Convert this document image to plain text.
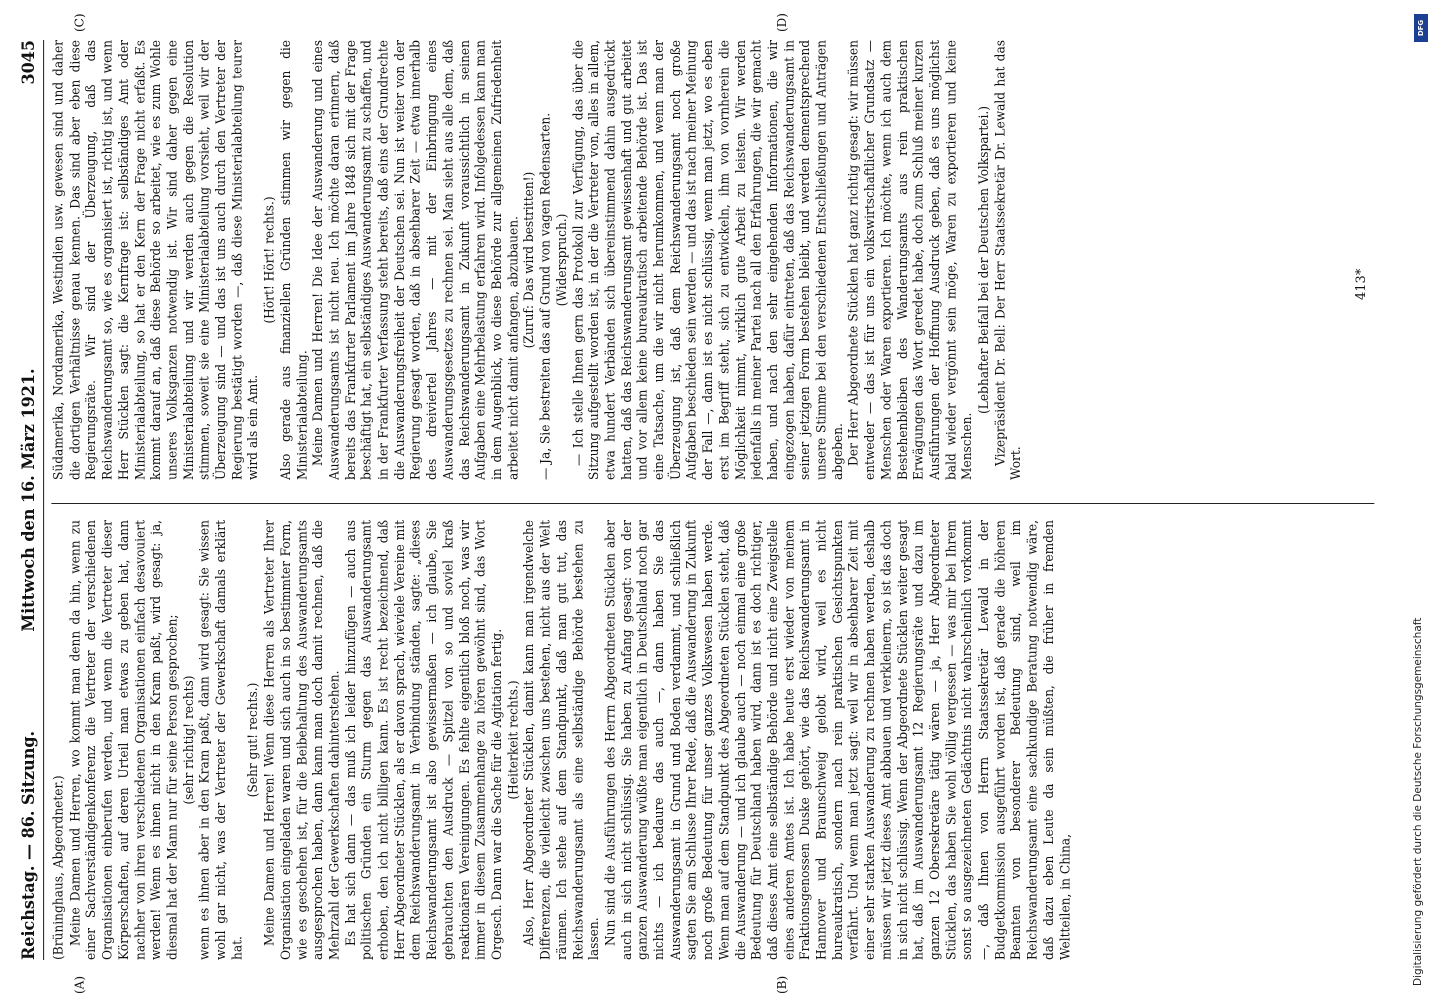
Reichstag. — 86. Sitzung.
Mittwoch den 16. März 1921.
3045
(A)	(B)
(C)	(D)

(Brüninghaus, Abgeordneter.) Meine Damen und Herren, wo kommt man denn da hin, wenn zu einer Sachverständigenkonferenz die Vertreter der verschiedenen Organisationen einberufen werden, und wenn die Vertreter dieser Körperschaften, auf deren Urteil man etwas zu geben hat, dann nachher von ihren verschiedenen Organisationen einfach desavouiert werden! Wenn es ihnen nicht in den Kram paßt, wird gesagt: ja, diesmal hat der Mann nur für seine Person gesprochen; (sehr richtig! rechts) wenn es ihnen aber in den Kram paßt, dann wird gesagt: Sie wissen wohl gar nicht, was der Vertreter der Gewerkschaft damals erklärt hat.

(Sehr gut! rechts.) Meine Damen und Herren! Wenn diese Herren als Vertreter Ihrer Organisation eingeladen waren und sich auch in so bestimmter Form, wie es geschehen ist, für die Beibehaltung des Auswanderungsamts ausgesprochen haben, dann kann man doch damit rechnen, daß die Mehrzahl der Gewerkschaften dahinterstehen. Es hat sich dann — das muß ich leider hinzufügen — auch aus politischen Gründen ein Sturm gegen das Auswanderungsamt erhoben, den ich nicht billigen kann. Es ist recht bezeichnend, daß Herr Abgeordneter Stücklen, als er davon sprach, wieviele Vereine mit dem Reichswanderungsamt in Verbindung ständen, sagte: „dieses Reichswanderungsamt ist also gewissermaßen — ich glaube, Sie gebrauchten den Ausdruck — Spitzel von so und soviel kraß reaktionären Vereinigungen. Es fehlte eigentlich bloß noch, was wir immer in diesem Zusammenhange zu hören gewöhnt sind, das Wort Orgesch. Dann war die Sache für die Agitation fertig. (Heiterkeit rechts.) Also, Herr Abgeordneter Stücklen, damit kann man irgendwelche Differenzen, die vielleicht zwischen uns bestehen, nicht aus der Welt räumen. Ich stehe auf dem Standpunkt, daß man gut tut, das Reichswanderungsamt als eine selbständige Behörde bestehen zu lassen. Nun sind die Ausführungen des Herrn Abgeordneten Stücklen aber auch in sich nicht schlüssig. Sie haben zu Anfang gesagt: von der ganzen Auswanderung wüßte man eigentlich in Deutschland noch gar nichts — ich bedaure das auch —, dann haben Sie das Auswanderungsamt in Grund und Boden verdammt, und schließlich sagten Sie am Schlusse Ihrer Rede, daß die Auswanderung in Zukunft noch große Bedeutung für unser ganzes Volkswesen haben werde. Wenn man auf dem Standpunkt des Abgeordneten Stücklen steht, daß die Auswanderung — und ich glaube auch — noch einmal eine große Bedeutung für Deutschland haben wird, dann ist es doch richtiger, daß dieses Amt eine selbständige Behörde und nicht eine Zweigstelle eines anderen Amtes ist. Ich habe heute erst wieder von meinem Fraktionsgenossen Duske gehört, wie das Reichswanderungsamt in Hannover und Braunschweig gelobt wird, weil es nicht bureaukratisch, sondern nach rein praktischen Gesichtspunkten verfährt. Und wenn man jetzt sagt: weil wir in absehbarer Zeit mit einer sehr starken Auswanderung zu rechnen haben werden, deshalb müssen wir jetzt dieses Amt abbauen und verkleinern, so ist das doch in sich nicht schlüssig. Wenn der Abgeordnete Stücklen weiter gesagt hat, daß im Auswanderungsamt 12 Regierungsräte und dazu im ganzen 12 Obersekretäre tätig wären — ja, Herr Abgeordneter Stücklen, das haben Sie wohl völlig vergessen — was mir bei Ihrem sonst so ausgezeichneten Gedächtnis nicht wahrscheinlich vorkommt —, daß Ihnen von Herrn Staatssekretär Lewald in der Budgetkommission ausgeführt worden ist, daß gerade die höheren Beamten von besonderer Bedeutung sind, weil im Reichswanderungsamt eine sachkundige Beratung notwendig wäre, daß dazu eben Leute da sein müßten, die früher in fremden Weltteilen, in China,

Südamerika, Nordamerika, Westindien usw. gewesen sind und daher die dortigen Verhältnisse genau kennen. Das sind aber eben diese Regierungsräte. Wir sind der Überzeugung, daß das Reichswanderungsamt so, wie es organisiert ist, richtig ist, und wenn Herr Stücklen sagt: die Kernfrage ist: selbständiges Amt oder Ministerialabteilung, so hat er den Kern der Frage nicht erfaßt. Es kommt darauf an, daß diese Behörde so arbeitet, wie es zum Wohle unseres Volksganzen notwendig ist. Wir sind daher gegen eine Ministerialabteilung und wir werden auch gegen die Resolution stimmen, soweit sie eine Ministerialabteilung vorsieht, weil wir der Überzeugung sind — und das ist uns auch durch den Vertreter der Regierung bestätigt worden —, daß diese Ministerialabteilung teurer wird als ein Amt.

(Hört! Hört! rechts.) Also gerade aus finanziellen Gründen stimmen wir gegen die Ministerialabteilung. Meine Damen und Herren! Die Idee der Auswanderung und eines Auswanderungsamts ist nicht neu. Ich möchte daran erinnern, daß bereits das Frankfurter Parlament im Jahre 1848 sich mit der Frage beschäftigt hat, ein selbständiges Auswanderungsamt zu schaffen, und in der Frankfurter Verfassung steht bereits, daß eins der Grundrechte die Auswanderungsfreiheit der Deutschen sei. Nun ist weiter von der Regierung gesagt worden, daß in absehbarer Zeit — etwa innerhalb des dreiviertel Jahres — mit der Einbringung eines Auswanderungsgesetzes zu rechnen sei. Man sieht aus alle dem, daß das Reichswanderungsamt in Zukunft voraussichtlich in seinen Aufgaben eine Mehrbelastung erfahren wird. Infolgedessen kann man in dem Augenblick, wo diese Behörde zur allgemeinen Zufriedenheit arbeitet nicht damit anfangen, abzubauen. (Zuruf: Das wird bestritten!) — Ja, Sie bestreiten das auf Grund von vagen Redensarten. (Widerspruch.) — Ich stelle Ihnen gern das Protokoll zur Verfügung, das über die Sitzung aufgestellt worden ist, in der die Vertreter von, alles in allem, etwa hundert Verbänden sich übereinstimmend dahin ausgedrückt hatten, daß das Reichswanderungsamt gewissenhaft und gut arbeitet und vor allem keine bureaukratisch arbeitende Behörde ist. Das ist eine Tatsache, um die wir nicht herumkommen, und wenn man der Überzeugung ist, daß dem Reichswanderungsamt noch große Aufgaben beschieden sein werden — und das ist nach meiner Meinung der Fall —, dann ist es nicht schlüssig, wenn man jetzt, wo es eben erst im Begriff steht, sich zu entwickeln, ihm von vornherein die Möglichkeit nimmt, wirklich gute Arbeit zu leisten. Wir werden jedenfalls in meiner Partei nach all den Erfahrungen, die wir gemacht haben, und nach den sehr eingehenden Informationen, die wir eingezogen haben, dafür eintreten, daß das Reichswanderungsamt in seiner jetzigen Form bestehen bleibt, und werden dementsprechend unsere Stimme bei den verschiedenen Entschließungen und Anträgen abgeben. Der Herr Abgeordnete Stücklen hat ganz richtig gesagt: wir müssen entweder — das ist für uns ein volkswirtschaftlicher Grundsatz — Menschen oder Waren exportieren. Ich möchte, wenn ich auch dem Bestehenbleiben des Wanderungsamts aus rein praktischen Erwägungen das Wort geredet habe, doch zum Schluß meiner kurzen Ausführungen der Hoffnung Ausdruck geben, daß es uns möglichst bald wieder vergönnt sein möge, Waren zu exportieren und keine Menschen.

(Lebhafter Beifall bei der Deutschen Volkspartei.) Vizepräsident Dr. Bell: Der Herr Staatssekretär Dr. Lewald hat das Wort.

413*
Digitalisierung gefördert durch die Deutsche Forschungsgemeinschaft
DFG
